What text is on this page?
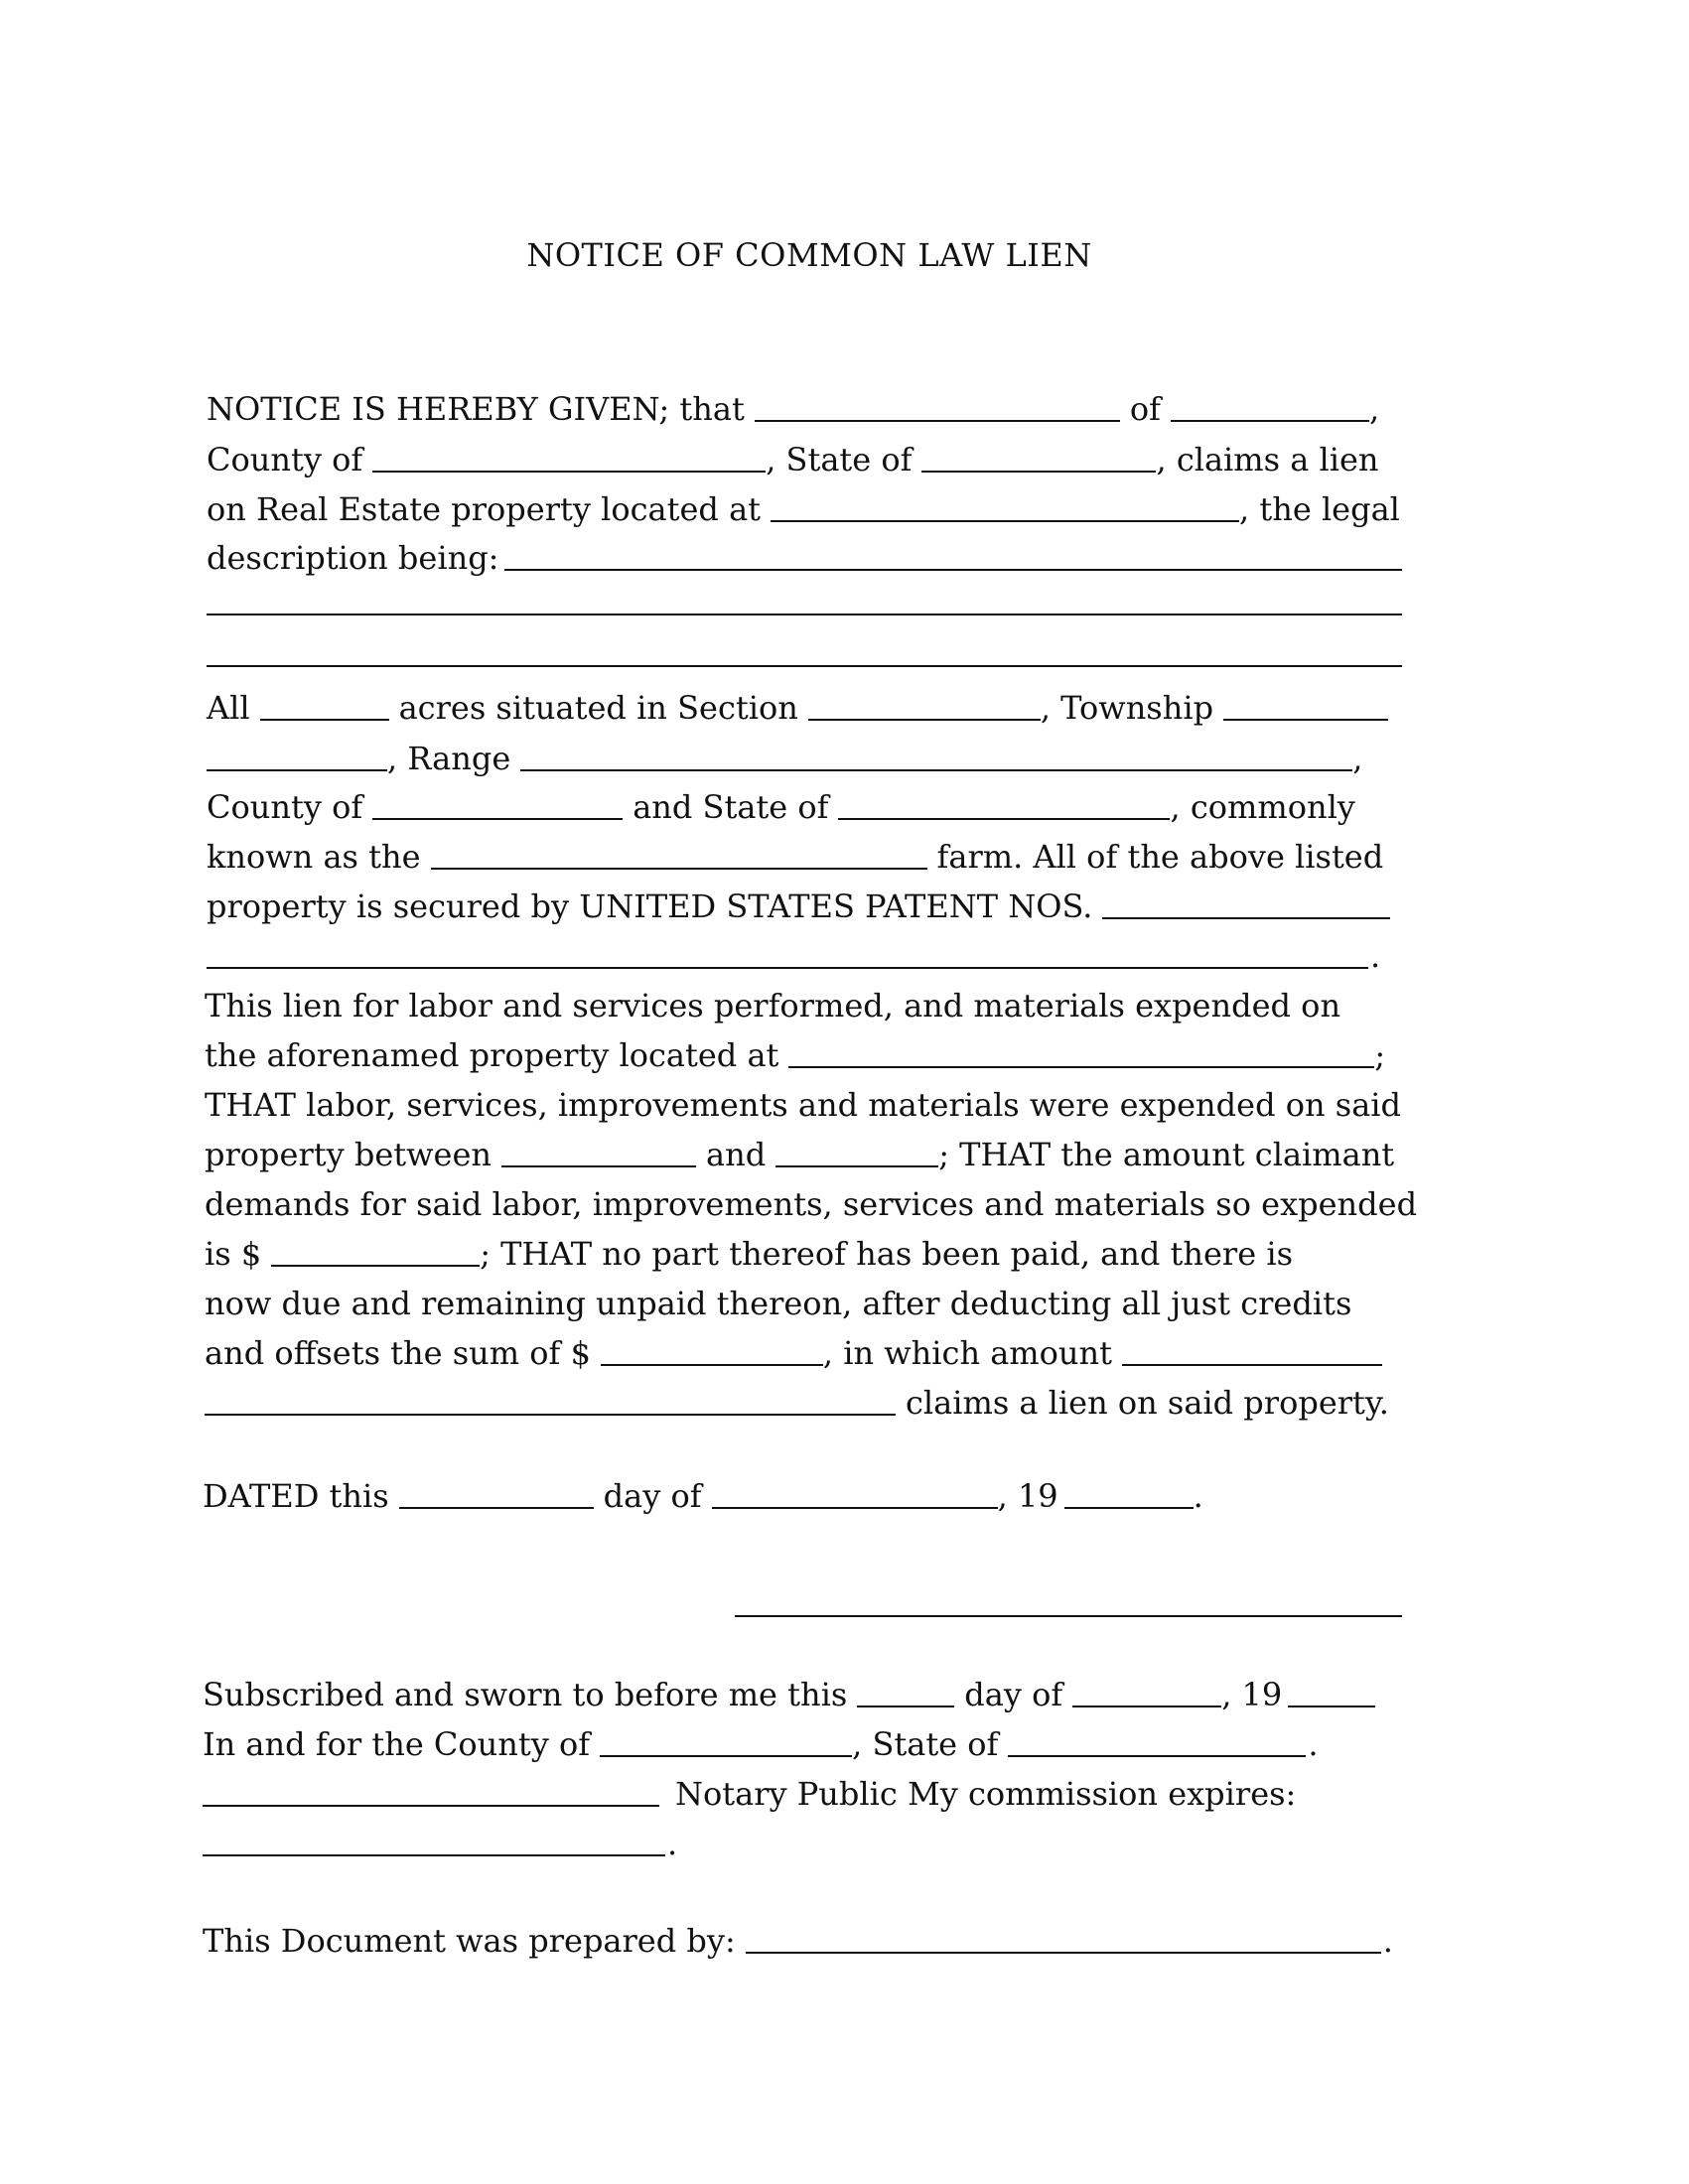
NOTICE OF COMMON LAW LIEN
NOTICE IS HEREBY GIVEN; that	of	,
County of	, State of	, claims a lien
on Real Estate property located at	, the legal
description being:
All	acres situated in Section	, Township
, Range	,
County of	and State of	, commonly
known as the	farm. All of the above listed
property is secured by UNITED STATES PATENT NOS.
.
This lien for labor and services performed, and materials expended on
the aforenamed property located at	;
THAT labor, services, improvements and materials were expended on said
property between	and	; THAT the amount claimant
demands for said labor, improvements, services and materials so expended
is $	; THAT no part thereof has been paid, and there is
now due and remaining unpaid thereon, after deducting all just credits
and offsets the sum of $	, in which amount
claims a lien on said property.
DATED this	day of	, 19	.
Subscribed and sworn to before me this	day of	, 19
In and for the County of	, State of	.
Notary Public My commission expires:
.
This Document was prepared by:	.
